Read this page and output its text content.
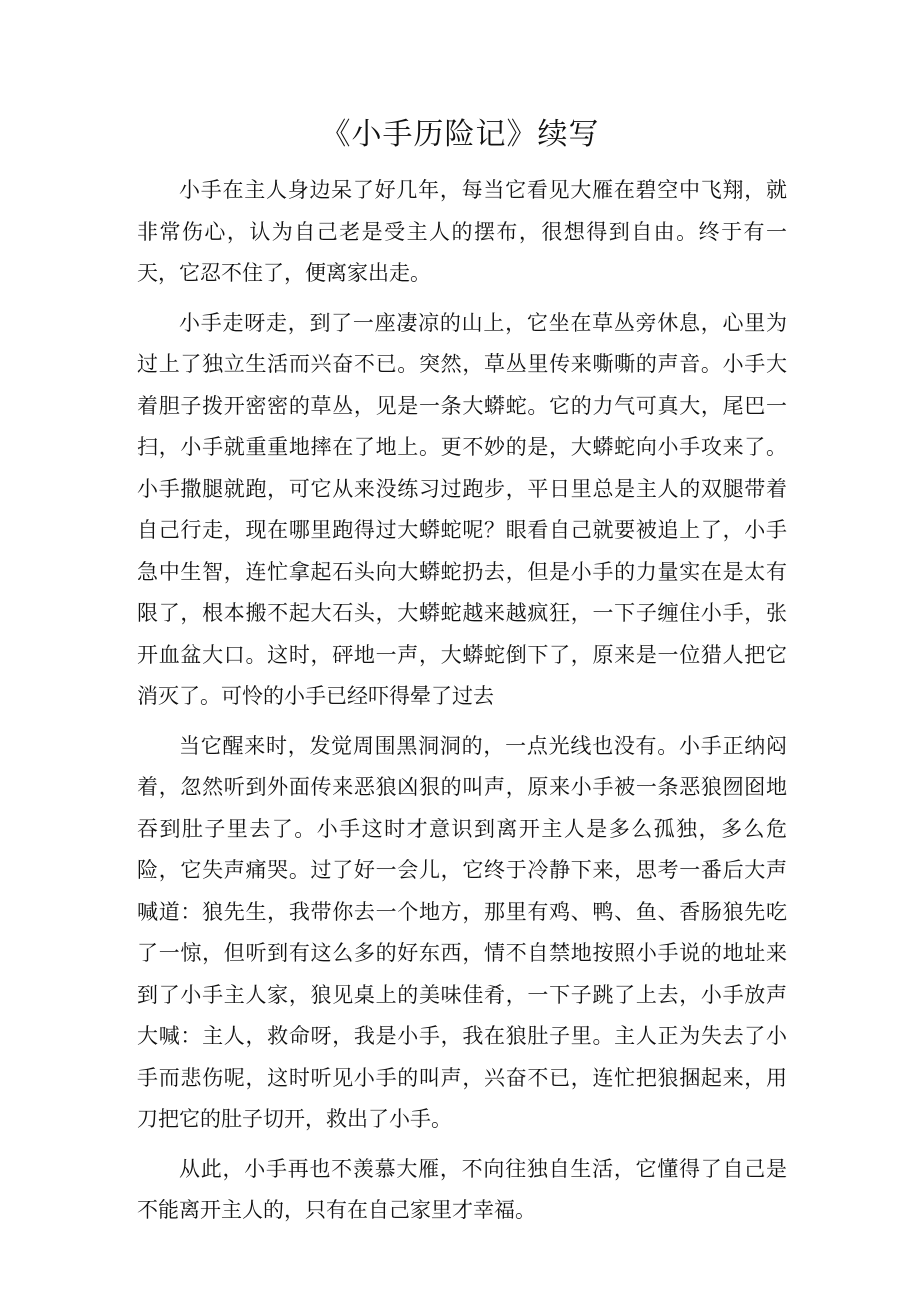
《小手历险记》续写

小手在主人身边呆了好几年，每当它看见大雁在碧空中飞翔，就非常伤心，认为自己老是受主人的摆布，很想得到自由。终于有一天，它忍不住了，便离家出走。

小手走呀走，到了一座凄凉的山上，它坐在草丛旁休息，心里为过上了独立生活而兴奋不已。突然，草丛里传来嘶嘶的声音。小手大着胆子拨开密密的草丛，见是一条大蟒蛇。它的力气可真大，尾巴一扫，小手就重重地摔在了地上。更不妙的是，大蟒蛇向小手攻来了。小手撒腿就跑，可它从来没练习过跑步，平日里总是主人的双腿带着自己行走，现在哪里跑得过大蟒蛇呢？眼看自己就要被追上了，小手急中生智，连忙拿起石头向大蟒蛇扔去，但是小手的力量实在是太有限了，根本搬不起大石头，大蟒蛇越来越疯狂，一下子缠住小手，张开血盆大口。这时，砰地一声，大蟒蛇倒下了，原来是一位猎人把它消灭了。可怜的小手已经吓得晕了过去

当它醒来时，发觉周围黑洞洞的，一点光线也没有。小手正纳闷着，忽然听到外面传来恶狼凶狠的叫声，原来小手被一条恶狼囫囵地吞到肚子里去了。小手这时才意识到离开主人是多么孤独，多么危险，它失声痛哭。过了好一会儿，它终于冷静下来，思考一番后大声喊道：狼先生，我带你去一个地方，那里有鸡、鸭、鱼、香肠狼先吃了一惊，但听到有这么多的好东西，情不自禁地按照小手说的地址来到了小手主人家，狼见桌上的美味佳肴，一下子跳了上去，小手放声大喊：主人，救命呀，我是小手，我在狼肚子里。主人正为失去了小手而悲伤呢，这时听见小手的叫声，兴奋不已，连忙把狼捆起来，用刀把它的肚子切开，救出了小手。

从此，小手再也不羡慕大雁，不向往独自生活，它懂得了自己是不能离开主人的，只有在自己家里才幸福。
